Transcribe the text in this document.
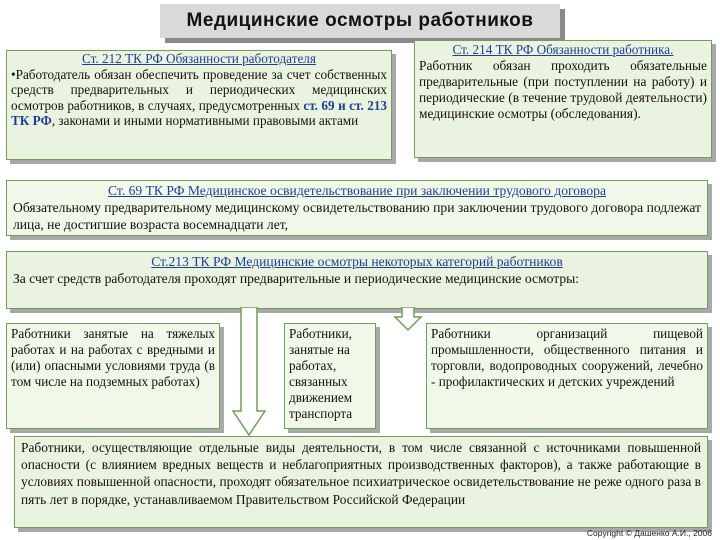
Медицинские осмотры работников
Ст. 212 ТК РФ Обязанности работодателя
•Работодатель обязан обеспечить проведение за счет собственных средств предварительных и периодических медицинских осмотров работников, в случаях, предусмотренных ст. 69 и ст. 213 ТК РФ, законами и иными нормативными правовыми актами
Ст. 214 ТК РФ Обязанности работника.
Работник обязан проходить обязательные предварительные (при поступлении на работу) и периодические (в течение трудовой деятельности) медицинские осмотры (обследования).
Ст. 69 ТК РФ Медицинское освидетельствование при заключении трудового договора
Обязательному предварительному медицинскому освидетельствованию при заключении трудового договора подлежат лица, не достигшие возраста восемнадцати лет,
Ст.213 ТК РФ Медицинские осмотры некоторых категорий работников
За счет средств работодателя проходят предварительные и периодические медицинские осмотры:
Работники занятые на тяжелых работах и на работах с вредными и (или) опасными условиями труда (в том числе на подземных работах)
Работники, занятые на работах, связанных движением транспорта
Работники организаций пищевой промышленности, общественного питания и торговли, водопроводных сооружений, лечебно - профилактических и детских учреждений
Работники, осуществляющие отдельные виды деятельности, в том числе связанной с источниками повышенной опасности (с влиянием вредных веществ и неблагоприятных производственных факторов), а также работающие в условиях повышенной опасности, проходят обязательное психиатрическое освидетельствование не реже одного раза в пять лет в порядке, устанавливаемом Правительством Российской Федерации
Copyright © Дашенко А.И., 2006
